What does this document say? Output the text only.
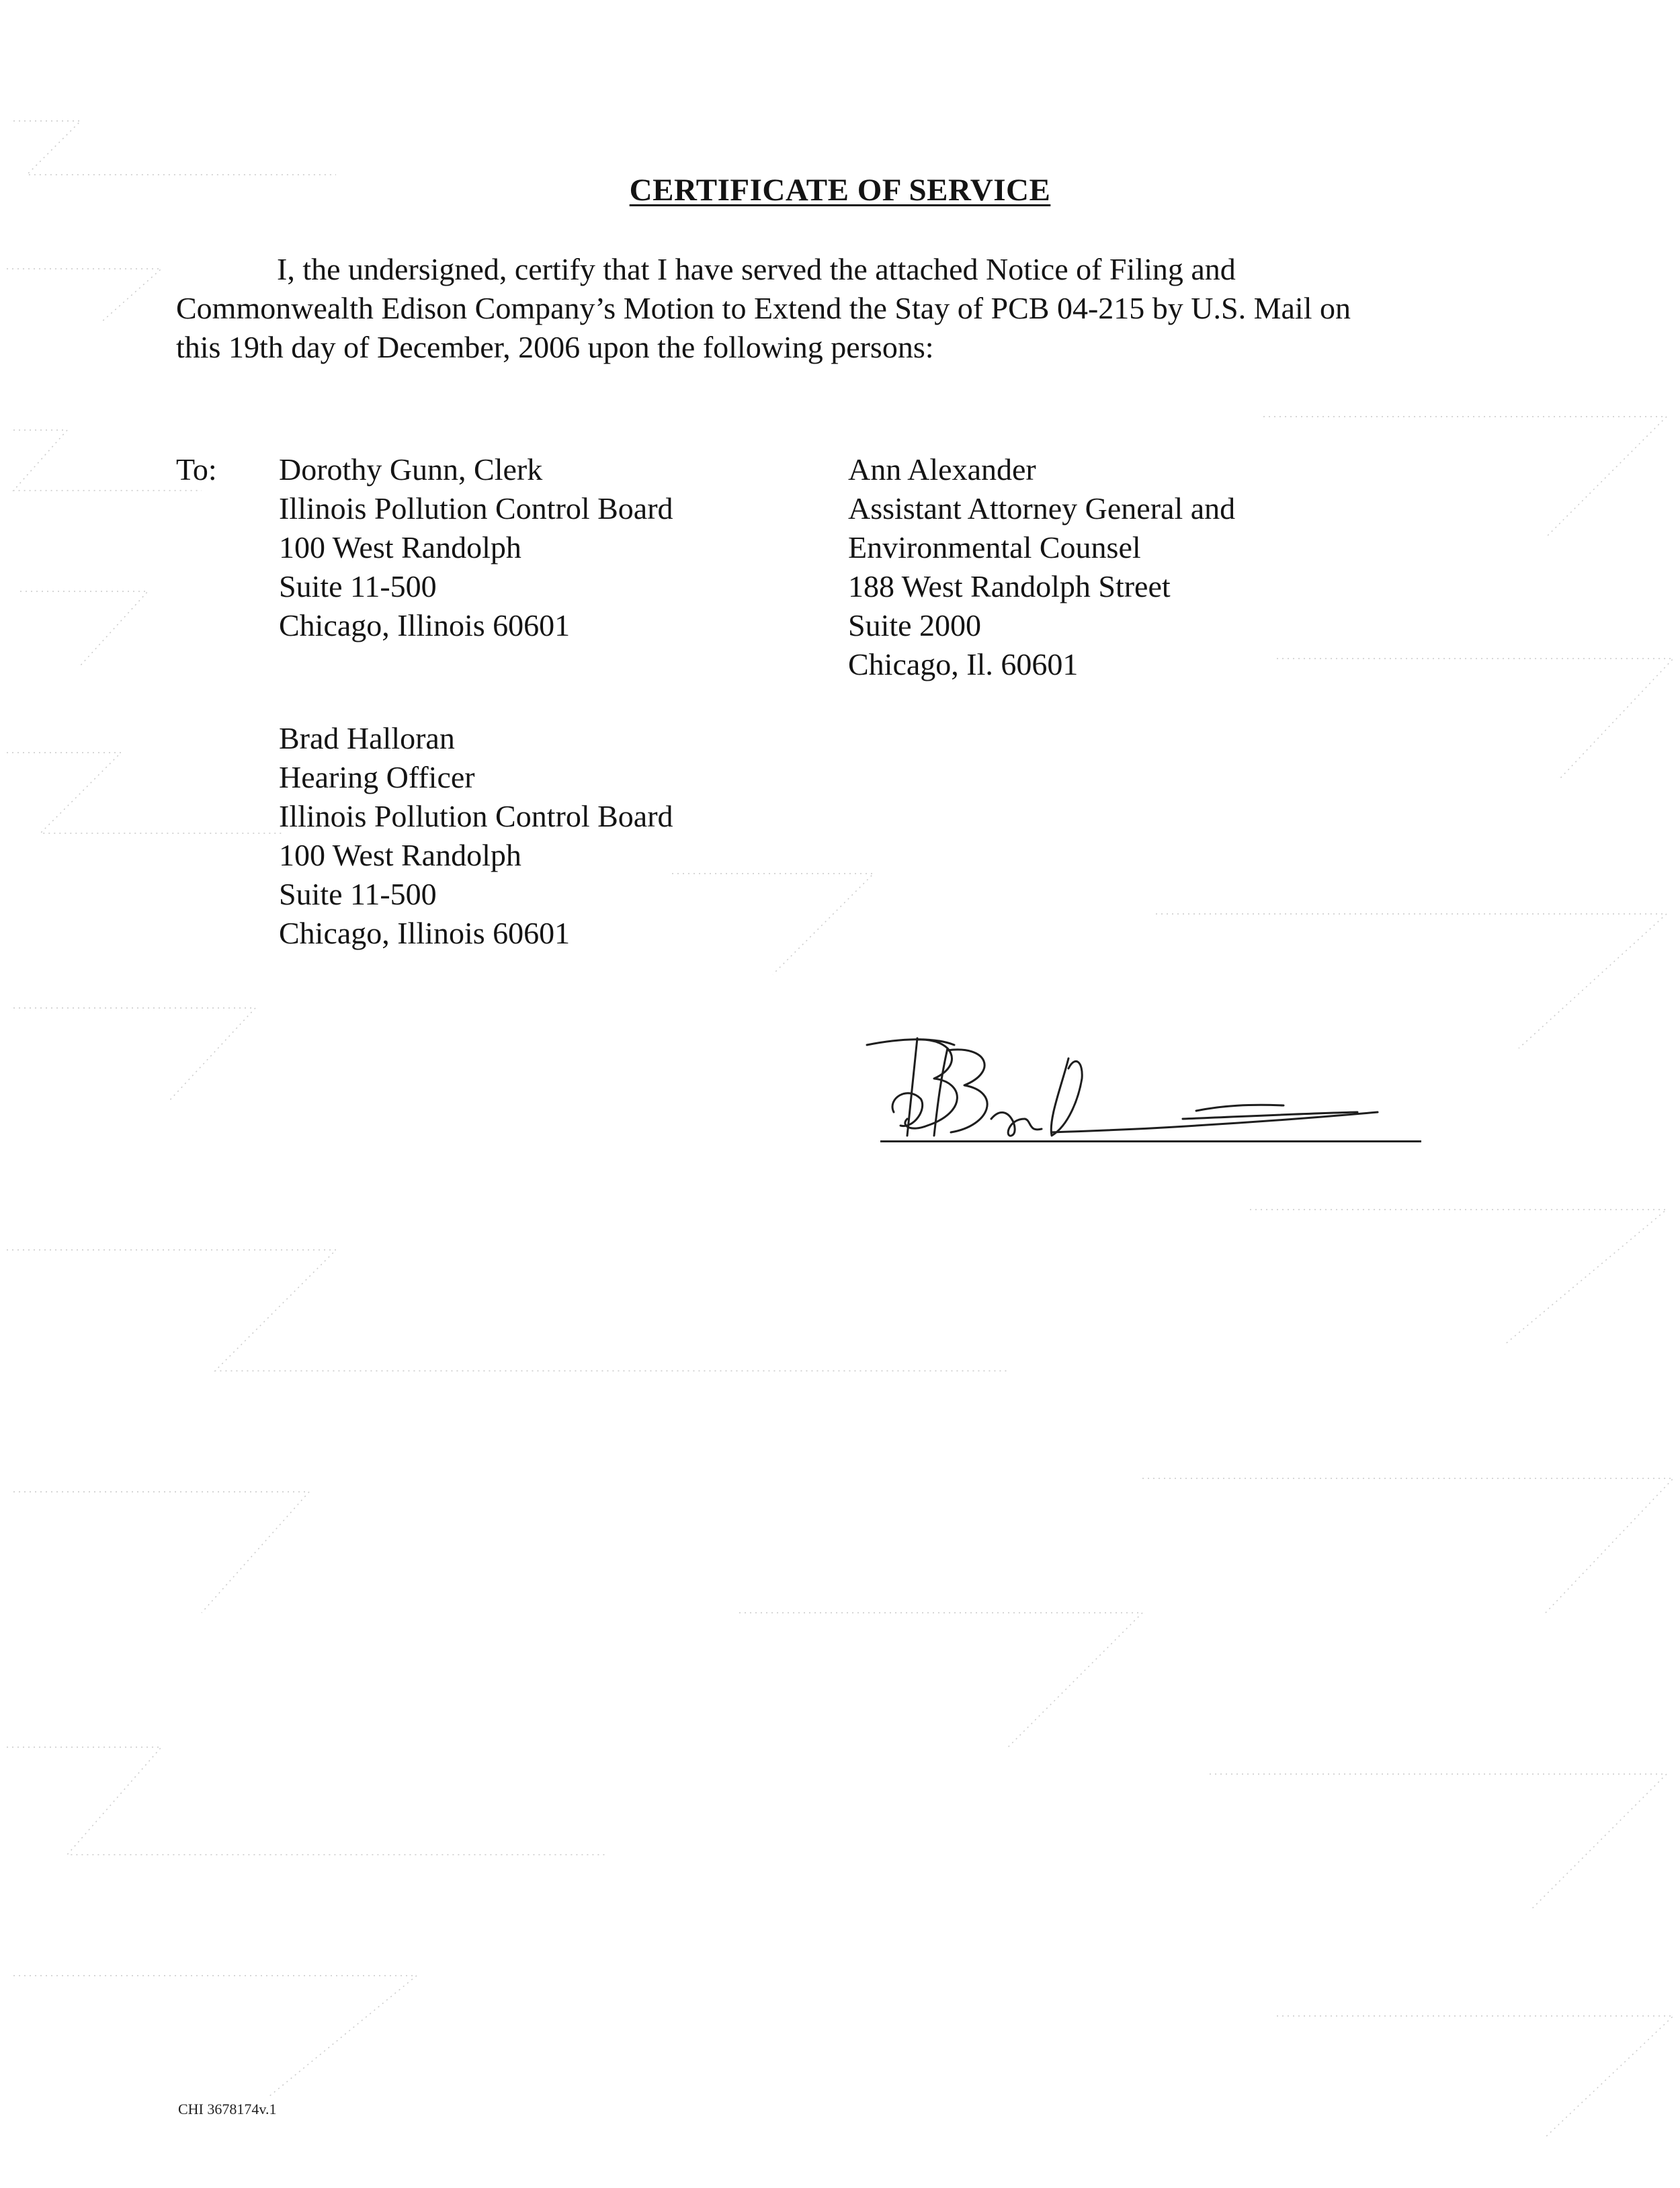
CERTIFICATE OF SERVICE

I, the undersigned, certify that I have served the attached Notice of Filing and
Commonwealth Edison Company’s Motion to Extend the Stay of PCB 04-215 by U.S. Mail on
this 19th day of December, 2006 upon the following persons:

To: Dorothy Gunn, Clerk
Illinois Pollution Control Board
100 West Randolph
Suite 11-500
Chicago, Illinois 60601
Ann Alexander
Assistant Attorney General and
Environmental Counsel
188 West Randolph Street
Suite 2000
Chicago, Il. 60601
Brad Halloran
Hearing Officer
Illinois Pollution Control Board
100 West Randolph
Suite 11-500
Chicago, Illinois 60601
CHI 3678174v.1
